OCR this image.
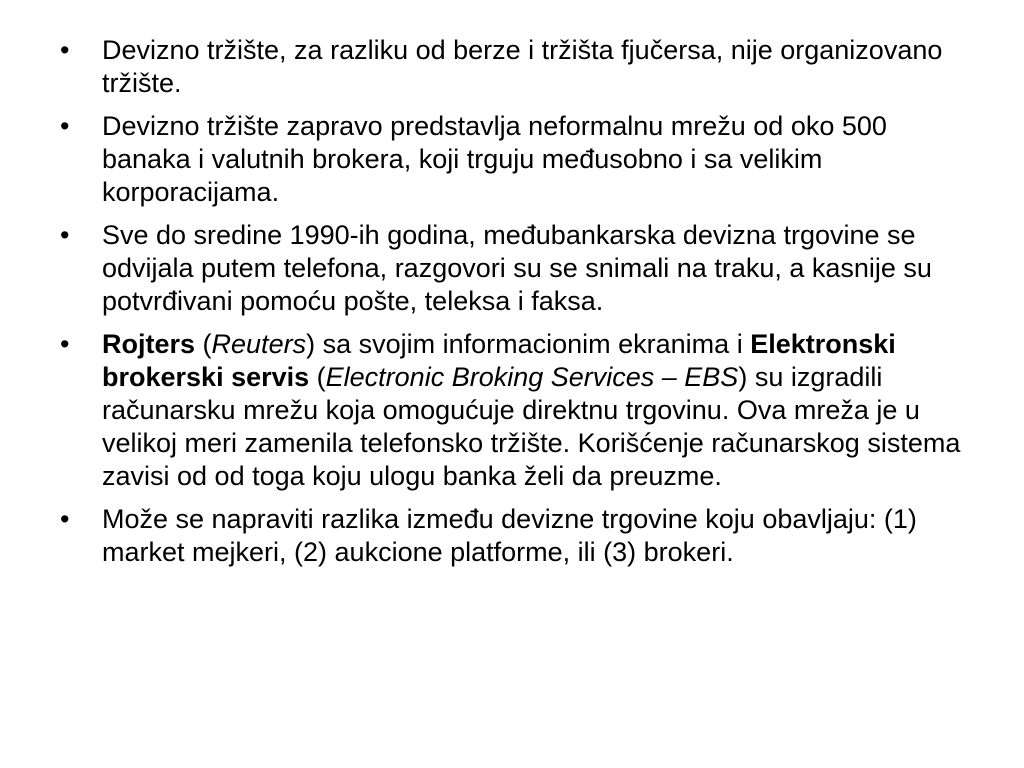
•	Devizno tržište, za razliku od berze i tržišta fjučersa, nije organizovano tržište.
•	Devizno tržište zapravo predstavlja neformalnu mrežu od oko 500 banaka i valutnih brokera, koji trguju međusobno i sa velikim korporacijama.
•	Sve do sredine 1990-ih godina, međubankarska devizna trgovine se odvijala putem telefona, razgovori su se snimali na traku, a kasnije su potvrđivani pomoću pošte, teleksa i faksa.
•	Rojters (Reuters) sa svojim informacionim ekranima i Elektronski brokerski servis (Electronic Broking Services – EBS) su izgradili računarsku mrežu koja omogućuje direktnu trgovinu. Ova mreža je u velikoj meri zamenila telefonsko tržište. Korišćenje računarskog sistema zavisi od od toga koju ulogu banka želi da preuzme.
•	Može se napraviti razlika između devizne trgovine koju obavljaju: (1) market mejkeri, (2) aukcione platforme, ili (3) brokeri.
